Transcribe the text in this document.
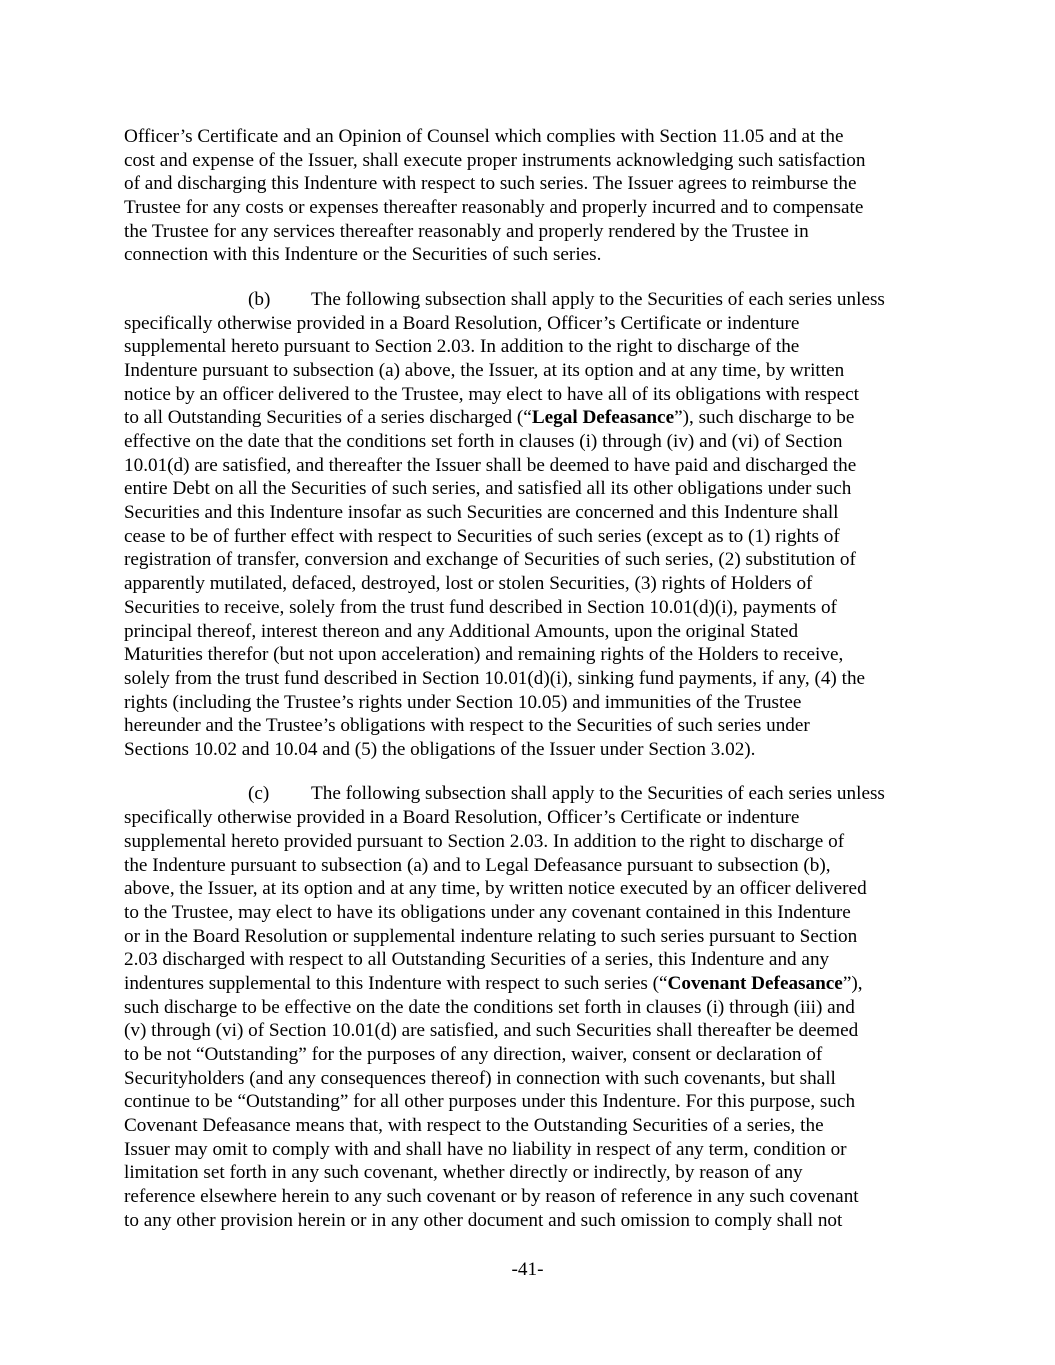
Officer’s Certificate and an Opinion of Counsel which complies with Section 11.05 and at the
cost and expense of the Issuer, shall execute proper instruments acknowledging such satisfaction
of and discharging this Indenture with respect to such series. The Issuer agrees to reimburse the
Trustee for any costs or expenses thereafter reasonably and properly incurred and to compensate
the Trustee for any services thereafter reasonably and properly rendered by the Trustee in
connection with this Indenture or the Securities of such series.
(b) The following subsection shall apply to the Securities of each series unless
specifically otherwise provided in a Board Resolution, Officer’s Certificate or indenture
supplemental hereto pursuant to Section 2.03. In addition to the right to discharge of the
Indenture pursuant to subsection (a) above, the Issuer, at its option and at any time, by written
notice by an officer delivered to the Trustee, may elect to have all of its obligations with respect
to all Outstanding Securities of a series discharged (“Legal Defeasance”), such discharge to be
effective on the date that the conditions set forth in clauses (i) through (iv) and (vi) of Section
10.01(d) are satisfied, and thereafter the Issuer shall be deemed to have paid and discharged the
entire Debt on all the Securities of such series, and satisfied all its other obligations under such
Securities and this Indenture insofar as such Securities are concerned and this Indenture shall
cease to be of further effect with respect to Securities of such series (except as to (1) rights of
registration of transfer, conversion and exchange of Securities of such series, (2) substitution of
apparently mutilated, defaced, destroyed, lost or stolen Securities, (3) rights of Holders of
Securities to receive, solely from the trust fund described in Section 10.01(d)(i), payments of
principal thereof, interest thereon and any Additional Amounts, upon the original Stated
Maturities therefor (but not upon acceleration) and remaining rights of the Holders to receive,
solely from the trust fund described in Section 10.01(d)(i), sinking fund payments, if any, (4) the
rights (including the Trustee’s rights under Section 10.05) and immunities of the Trustee
hereunder and the Trustee’s obligations with respect to the Securities of such series under
Sections 10.02 and 10.04 and (5) the obligations of the Issuer under Section 3.02).
(c) The following subsection shall apply to the Securities of each series unless
specifically otherwise provided in a Board Resolution, Officer’s Certificate or indenture
supplemental hereto provided pursuant to Section 2.03. In addition to the right to discharge of
the Indenture pursuant to subsection (a) and to Legal Defeasance pursuant to subsection (b),
above, the Issuer, at its option and at any time, by written notice executed by an officer delivered
to the Trustee, may elect to have its obligations under any covenant contained in this Indenture
or in the Board Resolution or supplemental indenture relating to such series pursuant to Section
2.03 discharged with respect to all Outstanding Securities of a series, this Indenture and any
indentures supplemental to this Indenture with respect to such series (“Covenant Defeasance”),
such discharge to be effective on the date the conditions set forth in clauses (i) through (iii) and
(v) through (vi) of Section 10.01(d) are satisfied, and such Securities shall thereafter be deemed
to be not “Outstanding” for the purposes of any direction, waiver, consent or declaration of
Securityholders (and any consequences thereof) in connection with such covenants, but shall
continue to be “Outstanding” for all other purposes under this Indenture. For this purpose, such
Covenant Defeasance means that, with respect to the Outstanding Securities of a series, the
Issuer may omit to comply with and shall have no liability in respect of any term, condition or
limitation set forth in any such covenant, whether directly or indirectly, by reason of any
reference elsewhere herein to any such covenant or by reason of reference in any such covenant
to any other provision herein or in any other document and such omission to comply shall not
-41-
